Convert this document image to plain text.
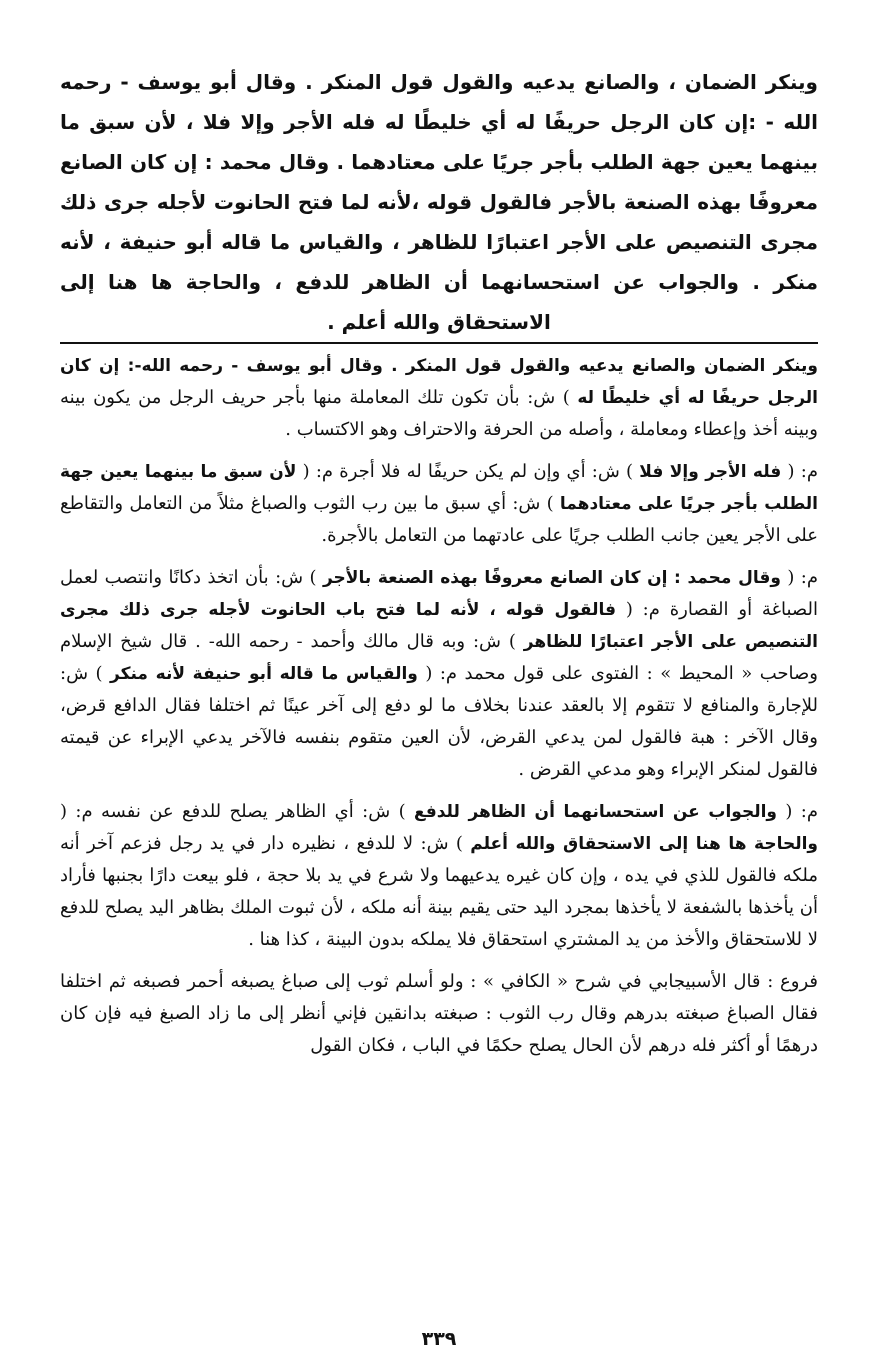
وينكر الضمان ، والصانع يدعيه والقول قول المنكر . وقال أبو يوسف - رحمه الله - :إن كان الرجل حريفًا له أي خليطًا له فله الأجر وإلا فلا ، لأن سبق ما بينهما يعين جهة الطلب بأجر جريًا على معتادهما . وقال محمد : إن كان الصانع معروفًا بهذه الصنعة بالأجر فالقول قوله ،لأنه لما فتح الحانوت لأجله جرى ذلك مجرى التنصيص على الأجر اعتبارًا للظاهر ، والقياس ما قاله أبو حنيفة ، لأنه منكر . والجواب عن استحسانهما أن الظاهر للدفع ، والحاجة ها هنا إلى الاستحقاق والله أعلم .

وينكر الضمان والصانع يدعيه والقول قول المنكر . وقال أبو يوسف - رحمه الله-: إن كان الرجل حريفًا له أي خليطًا له ) ش: بأن تكون تلك المعاملة منها بأجر حريف الرجل من يكون بينه وبينه أخذ وإعطاء ومعاملة ، وأصله من الحرفة والاحتراف وهو الاكتساب .

م: ( فله الأجر وإلا فلا ) ش: أي وإن لم يكن حريفًا له فلا أجرة م: ( لأن سبق ما بينهما يعين جهة الطلب بأجر جريًا على معتادهما ) ش: أي سبق ما بين رب الثوب والصباغ مثلاً من التعامل والتقاطع على الأجر يعين جانب الطلب جريًا على عادتهما من التعامل بالأجرة.

م: ( وقال محمد : إن كان الصانع معروفًا بهذه الصنعة بالأجر ) ش: بأن اتخذ دكانًا وانتصب لعمل الصباغة أو القصارة م: ( فالقول قوله ، لأنه لما فتح باب الحانوت لأجله جرى ذلك مجرى التنصيص على الأجر اعتبارًا للظاهر ) ش: وبه قال مالك وأحمد - رحمه الله- . قال شيخ الإسلام وصاحب « المحيط » : الفتوى على قول محمد م: ( والقياس ما قاله أبو حنيفة لأنه منكر ) ش: للإجارة والمنافع لا تتقوم إلا بالعقد عندنا بخلاف ما لو دفع إلى آخر عينًا ثم اختلفا فقال الدافع قرض، وقال الآخر : هبة فالقول لمن يدعي القرض، لأن العين متقوم بنفسه فالآخر يدعي الإبراء عن قيمته فالقول لمنكر الإبراء وهو مدعي القرض .

م: ( والجواب عن استحسانهما أن الظاهر للدفع ) ش: أي الظاهر يصلح للدفع عن نفسه م: ( والحاجة ها هنا إلى الاستحقاق والله أعلم ) ش: لا للدفع ، نظيره دار في يد رجل فزعم آخر أنه ملكه فالقول للذي في يده ، وإن كان غيره يدعيهما ولا شرع في يد بلا حجة ، فلو بيعت دارًا بجنبها فأراد أن يأخذها بالشفعة لا يأخذها بمجرد اليد حتى يقيم بينة أنه ملكه ، لأن ثبوت الملك بظاهر اليد يصلح للدفع لا للاستحقاق والأخذ من يد المشتري استحقاق فلا يملكه بدون البينة ، كذا هنا .

فروع : قال الأسبيجابي في شرح « الكافي » : ولو أسلم ثوب إلى صباغ يصبغه أحمر فصبغه ثم اختلفا فقال الصباغ صبغته بدرهم وقال رب الثوب : صبغته بدانقين فإني أنظر إلى ما زاد الصبغ فيه فإن كان درهمًا أو أكثر فله درهم لأن الحال يصلح حكمًا في الباب ، فكان القول

٣٣٩
